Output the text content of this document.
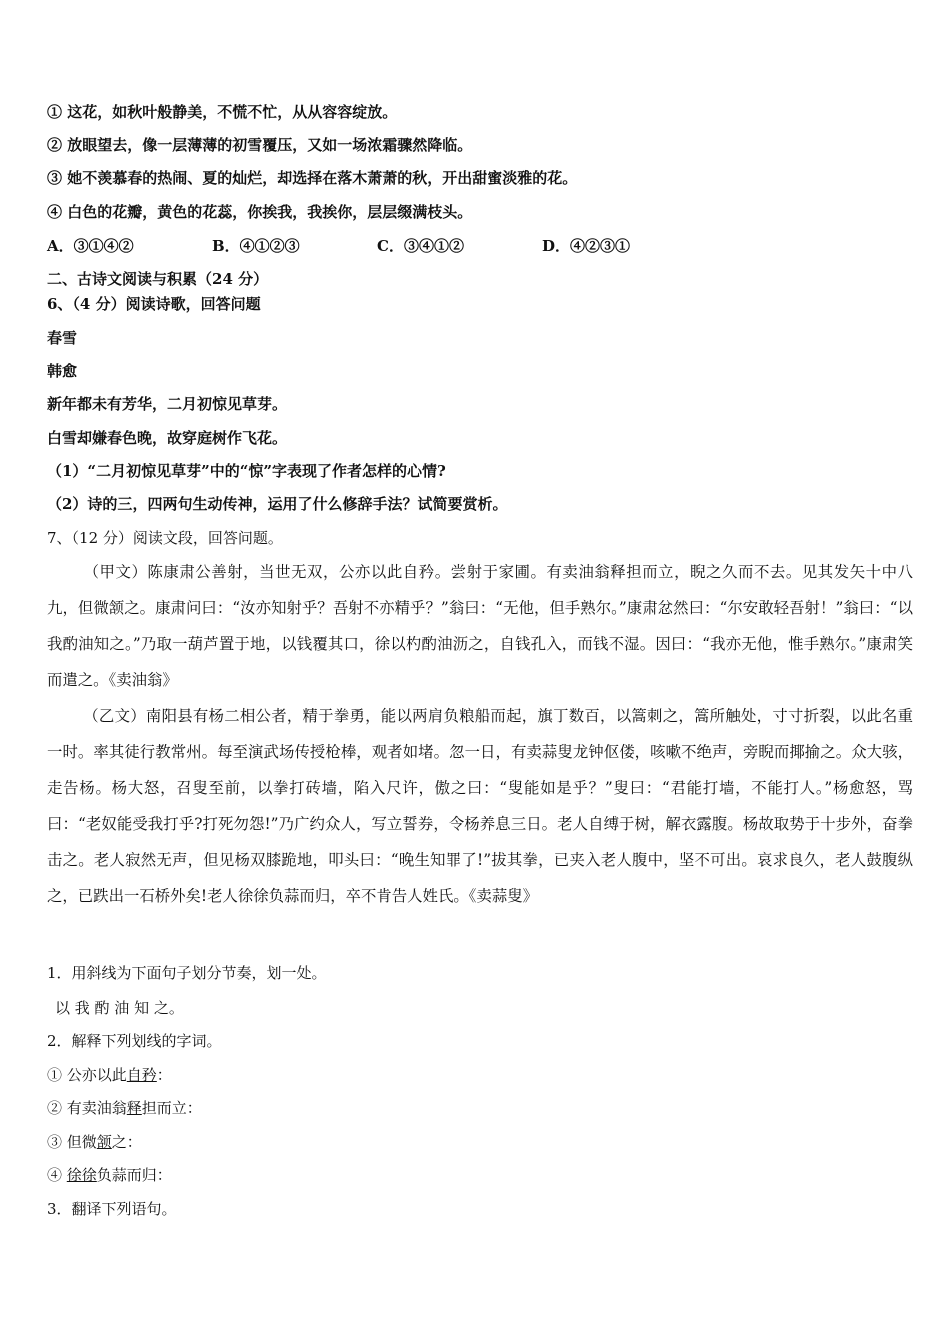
① 这花，如秋叶般静美，不慌不忙，从从容容绽放。
② 放眼望去，像一层薄薄的初雪覆压，又如一场浓霜骤然降临。
③ 她不羡慕春的热闹、夏的灿烂，却选择在落木萧萧的秋，开出甜蜜淡雅的花。
④ 白色的花瓣，黄色的花蕊，你挨我，我挨你，层层缀满枝头。
A．③①④②	B．④①②③	C．③④①②	D．④②③①
二、古诗文阅读与积累（24 分）
6、（4 分）阅读诗歌，回答问题
春雪
韩愈
新年都未有芳华，二月初惊见草芽。
白雪却嫌春色晚，故穿庭树作飞花。
（1）“二月初惊见草芽”中的“惊”字表现了作者怎样的心情?
（2）诗的三，四两句生动传神，运用了什么修辞手法？试简要赏析。
7、（12 分）阅读文段，回答问题。
（甲文）陈康肃公善射，当世无双，公亦以此自矜。尝射于家圃。有卖油翁释担而立，睨之久而不去。见其发矢十中八九，但微颔之。康肃问曰：“汝亦知射乎？吾射不亦精乎？”翁曰：“无他，但手熟尔。”康肃忿然曰：“尔安敢轻吾射！”翁曰：“以我酌油知之。”乃取一葫芦置于地，以钱覆其口，徐以杓酌油沥之，自钱孔入，而钱不湿。因曰：“我亦无他，惟手熟尔。”康肃笑而遣之。《卖油翁》
（乙文）南阳县有杨二相公者，精于拳勇，能以两肩负粮船而起，旗丁数百，以篙刺之，篙所触处，寸寸折裂，以此名重一时。率其徒行教常州。每至演武场传授枪棒，观者如堵。忽一日，有卖蒜叟龙钟伛偻，咳嗽不绝声，旁睨而揶揄之。众大骇，走告杨。杨大怒，召叟至前，以拳打砖墙，陷入尺许，傲之曰：“叟能如是乎？”叟曰：“君能打墙，不能打人。”杨愈怒，骂曰：“老奴能受我打乎?打死勿怨!”乃广约众人，写立誓券，令杨养息三日。老人自缚于树，解衣露腹。杨故取势于十步外，奋拳击之。老人寂然无声，但见杨双膝跪地，叩头曰：“晚生知罪了!”拔其拳，已夹入老人腹中，坚不可出。哀求良久，老人鼓腹纵之，已跌出一石桥外矣!老人徐徐负蒜而归，卒不肯告人姓氏。《卖蒜叟》
1．用斜线为下面句子划分节奏，划一处。
以 我 酌 油 知 之。
2．解释下列划线的字词。
① 公亦以此自矜：
② 有卖油翁释担而立：
③ 但微颔之：
④ 徐徐负蒜而归：
3．翻译下列语句。
